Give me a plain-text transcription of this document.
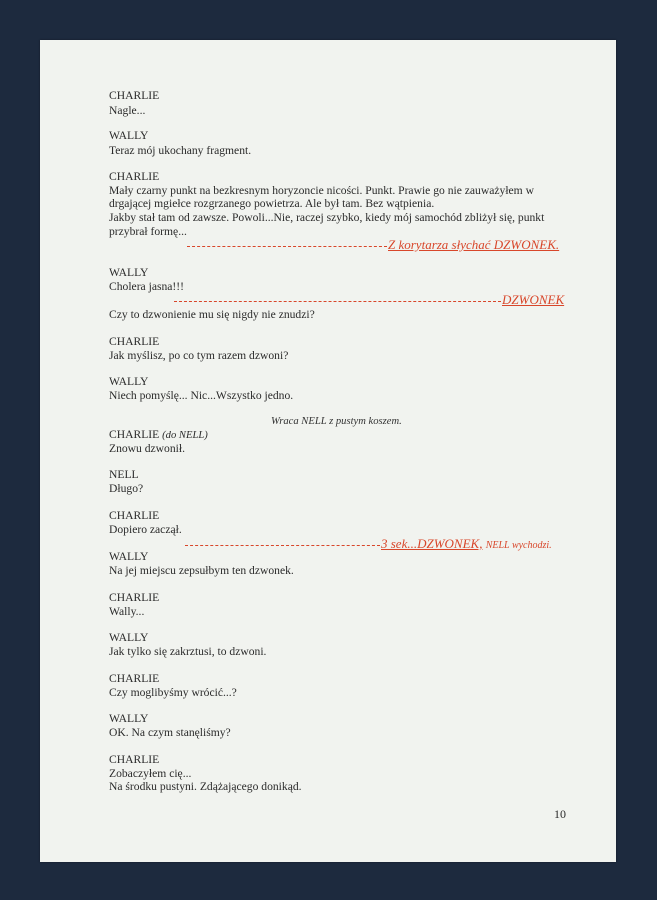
CHARLIE

Nagle...

WALLY

Teraz mój ukochany fragment.

CHARLIE

Mały czarny punkt na bezkresnym horyzoncie nicości. Punkt. Prawie go nie zauważyłem w

drgającej mgiełce rozgrzanego powietrza. Ale był tam. Bez wątpienia.

Jakby stał tam od zawsze. Powoli...Nie, raczej szybko, kiedy mój samochód zbliżył się, punkt

przybrał formę...

Z korytarza słychać DZWONEK.

WALLY

Cholera jasna!!!

DZWONEK

Czy to dzwonienie mu się nigdy nie znudzi?

CHARLIE

Jak myślisz, po co tym razem dzwoni?

WALLY

Niech pomyślę... Nic...Wszystko jedno.

Wraca NELL z pustym koszem.

CHARLIE (do NELL)

Znowu dzwonił.

NELL

Długo?

CHARLIE

Dopiero zaczął.

3 sek...DZWONEK, NELL wychodzi.

WALLY

Na jej miejscu zepsułbym ten dzwonek.

CHARLIE

Wally...

WALLY

Jak tylko się zakrztusi, to dzwoni.

CHARLIE

Czy moglibyśmy wrócić...?

WALLY

OK. Na czym stanęliśmy?

CHARLIE

Zobaczyłem cię...

Na środku pustyni. Zdążającego donikąd.

10
